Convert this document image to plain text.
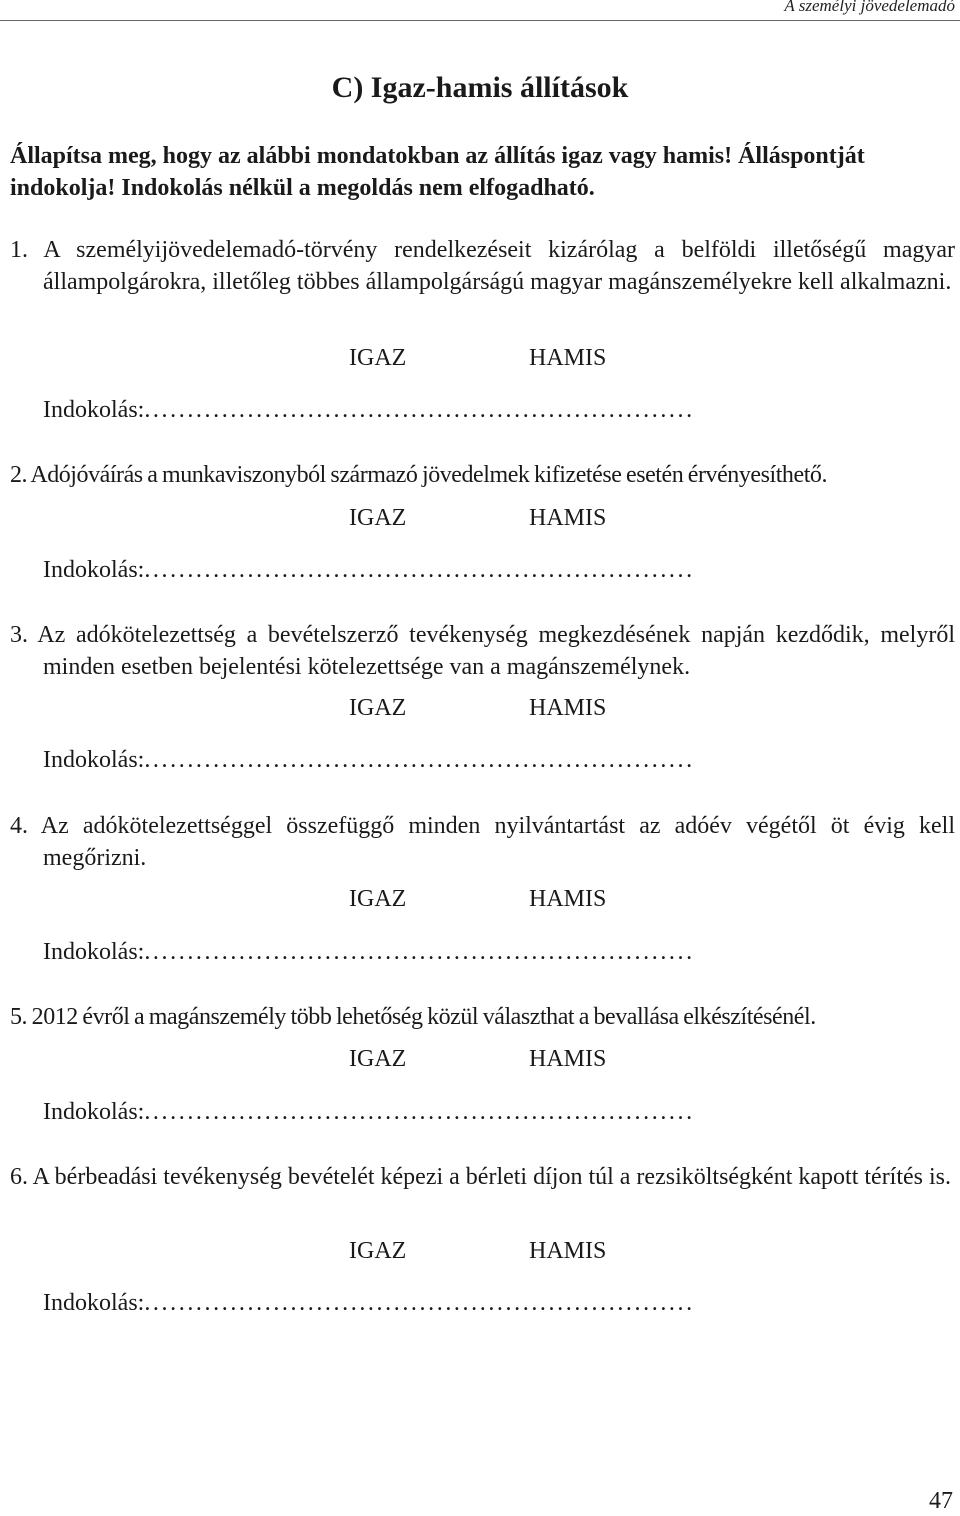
A személyi jövedelemadó
C) Igaz-hamis állítások
Állapítsa meg, hogy az alábbi mondatokban az állítás igaz vagy hamis! Álláspontját indokolja! Indokolás nélkül a megoldás nem elfogadható.
1. A személyijövedelemadó-törvény rendelkezéseit kizárólag a belföldi illetőségű magyar állampolgárokra, illetőleg többes állampolgárságú magyar magánszemélyekre kell alkalmazni.
IGAZ	HAMIS
Indokolás:................................................................
2. Adójóváírás a munkaviszonyból származó jövedelmek kifizetése esetén érvényesíthető.
IGAZ	HAMIS
Indokolás:................................................................
3. Az adókötelezettség a bevételszerző tevékenység megkezdésének napján kezdődik, melyről minden esetben bejelentési kötelezettsége van a magánszemélynek.
IGAZ	HAMIS
Indokolás:................................................................
4. Az adókötelezettséggel összefüggő minden nyilvántartást az adóév végétől öt évig kell megőrizni.
IGAZ	HAMIS
Indokolás:................................................................
5. 2012 évről a magánszemély több lehetőség közül választhat a bevallása elkészítésénél.
IGAZ	HAMIS
Indokolás:................................................................
6. A bérbeadási tevékenység bevételét képezi a bérleti díjon túl a rezsiköltségként kapott térítés is.
IGAZ	HAMIS
Indokolás:................................................................
47
